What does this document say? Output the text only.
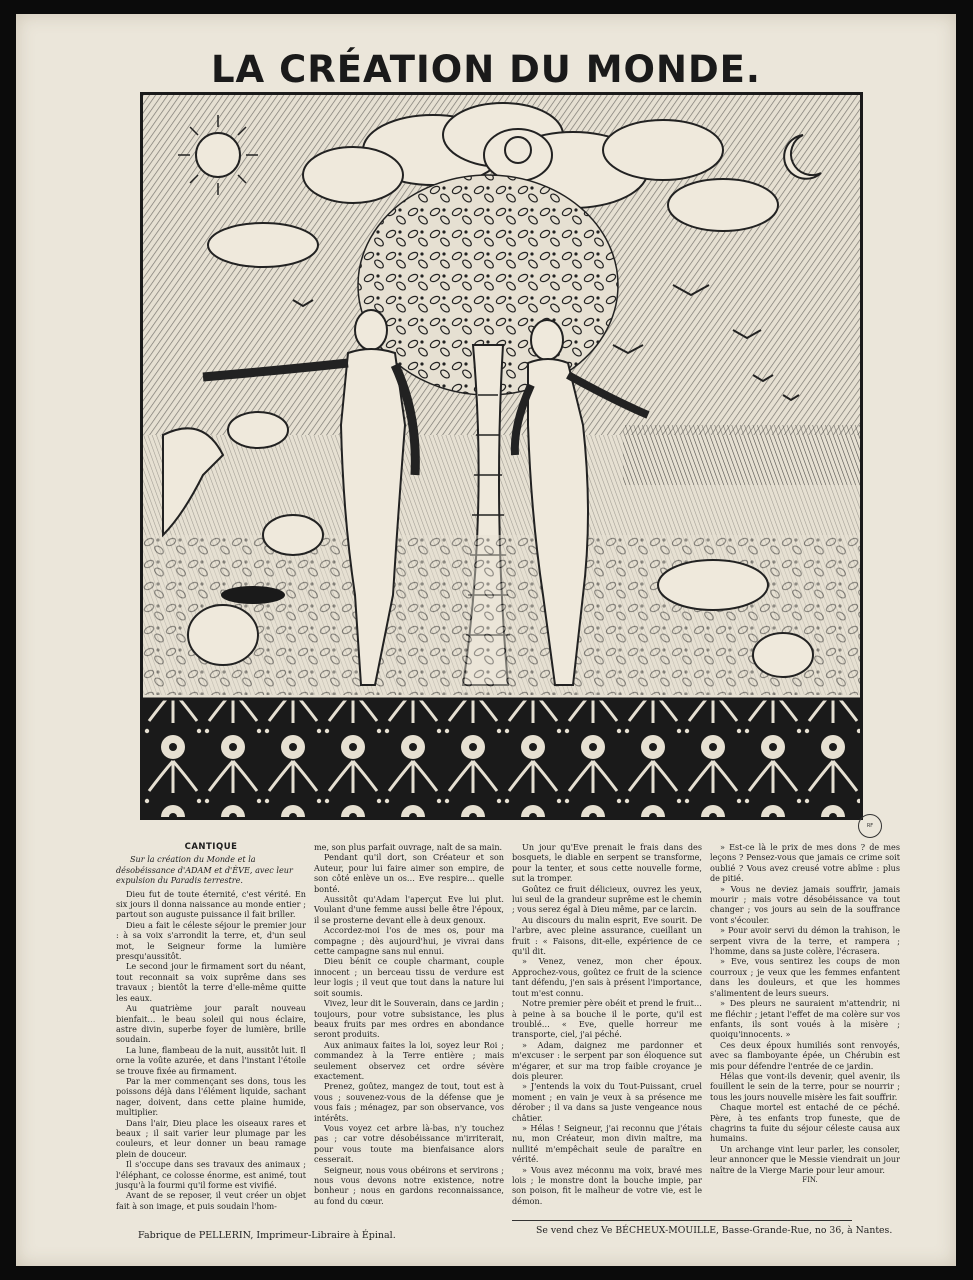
LA CRÉATION DU MONDE.
RF

CANTIQUE

Sur la création du Monde et la désobéissance d'ADAM et d'ÈVE, avec leur expulsion du Paradis terrestre.

Dieu fut de toute éternité, c'est vérité. En six jours il donna naissance au monde entier ; partout son auguste puissance il fait briller.

Dieu a fait le céleste séjour le premier jour : à sa voix s'arrondit la terre, et, d'un seul mot, le Seigneur forme la lumière presqu'aussitôt.

Le second jour le firmament sort du néant, tout reconnait sa voix suprême dans ses travaux ; bientôt la terre d'elle-même quitte les eaux.

Au quatrième jour paraît nouveau bienfait… le beau soleil qui nous éclaire, astre divin, superbe foyer de lumière, brille soudain.

La lune, flambeau de la nuit, aussitôt luit. Il orne la voûte azurée, et dans l'instant l'étoile se trouve fixée au firmament.

Par la mer commençant ses dons, tous les poissons déjà dans l'élément liquide, sachant nager, doivent, dans cette plaine humide, multiplier.

Dans l'air, Dieu place les oiseaux rares et beaux ; il sait varier leur plumage par les couleurs, et leur donner un beau ramage plein de douceur.

Il s'occupe dans ses travaux des animaux ; l'éléphant, ce colosse énorme, est animé, tout jusqu'à la fourmi qu'il forme est vivifié.

Avant de se reposer, il veut créer un objet fait à son image, et puis soudain l'hom-

me, son plus parfait ouvrage, naît de sa main.

Pendant qu'il dort, son Créateur et son Auteur, pour lui faire aimer son empire, de son côté enlève un os… Eve respire… quelle bonté.

Aussitôt qu'Adam l'aperçut Eve lui plut. Voulant d'une femme aussi belle être l'époux, il se prosterne devant elle à deux genoux.

Accordez-moi l'os de mes os, pour ma compagne ; dès aujourd'hui, je vivrai dans cette campagne sans nul ennui.

Dieu bénit ce couple charmant, couple innocent ; un berceau tissu de verdure est leur logis ; il veut que tout dans la nature lui soit soumis.

Vivez, leur dit le Souverain, dans ce jardin ; toujours, pour votre subsistance, les plus beaux fruits par mes ordres en abondance seront produits.

Aux animaux faites la loi, soyez leur Roi ; commandez à la Terre entière ; mais seulement observez cet ordre sévère exactement.

Prenez, goûtez, mangez de tout, tout est à vous ; souvenez-vous de la défense que je vous fais ; ménagez, par son observance, vos intérêts.

Vous voyez cet arbre là-bas, n'y touchez pas ; car votre désobéissance m'irriterait, pour vous toute ma bienfaisance alors cesserait.

Seigneur, nous vous obéirons et servirons ; nous vous devons notre existence, notre bonheur ; nous en gardons reconnaissance, au fond du cœur.

Un jour qu'Eve prenait le frais dans des bosquets, le diable en serpent se transforme, pour la tenter, et sous cette nouvelle forme, sut la tromper.

Goûtez ce fruit délicieux, ouvrez les yeux, lui seul de la grandeur suprême est le chemin ; vous serez égal à Dieu même, par ce larcin.

Au discours du malin esprit, Eve sourit. De l'arbre, avec pleine assurance, cueillant un fruit : « Faisons, dit-elle, expérience de ce qu'il dit.

» Venez, venez, mon cher époux. Approchez-vous, goûtez ce fruit de la science tant défendu, j'en sais à présent l'importance, tout m'est connu.

Notre premier père obéit et prend le fruit… à peine à sa bouche il le porte, qu'il est troublé… « Eve, quelle horreur me transporte, ciel, j'ai péché.

» Adam, daignez me pardonner et m'excuser : le serpent par son éloquence sut m'égarer, et sur ma trop faible croyance je dois pleurer.

» J'entends la voix du Tout-Puissant, cruel moment ; en vain je veux à sa présence me dérober ; il va dans sa juste vengeance nous châtier.

» Hélas ! Seigneur, j'ai reconnu que j'étais nu, mon Créateur, mon divin maître, ma nullité m'empêchait seule de paraître en vérité.

» Vous avez méconnu ma voix, bravé mes lois ; le monstre dont la bouche impie, par son poison, fit le malheur de votre vie, est le démon.

» Est-ce là le prix de mes dons ? de mes leçons ? Pensez-vous que jamais ce crime soit oublié ? Vous avez creusé votre abîme : plus de pitié.

» Vous ne deviez jamais souffrir, jamais mourir ; mais votre désobéissance va tout changer ; vos jours au sein de la souffrance vont s'écouler.

» Pour avoir servi du démon la trahison, le serpent vivra de la terre, et rampera ; l'homme, dans sa juste colère, l'écrasera.

» Eve, vous sentirez les coups de mon courroux ; je veux que les femmes enfantent dans les douleurs, et que les hommes s'alimentent de leurs sueurs.

» Des pleurs ne sauraient m'attendrir, ni me fléchir ; jetant l'effet de ma colère sur vos enfants, ils sont voués à la misère ; quoiqu'innocents. »

Ces deux époux humiliés sont renvoyés, avec sa flamboyante épée, un Chérubin est mis pour défendre l'entrée de ce jardin.

Hélas que vont-ils devenir, quel avenir, ils fouillent le sein de la terre, pour se nourrir ; tous les jours nouvelle misère les fait souffrir.

Chaque mortel est entaché de ce péché. Père, à tes enfants trop funeste, que de chagrins ta fuite du séjour céleste causa aux humains.

Un archange vint leur parler, les consoler, leur annoncer que le Messie viendrait un jour naître de la Vierge Marie pour leur amour.

FIN.

Fabrique de PELLERIN, Imprimeur-Libraire à Épinal.	Se vend chez Ve BÉCHEUX-MOUILLE, Basse-Grande-Rue, no 36, à Nantes.
